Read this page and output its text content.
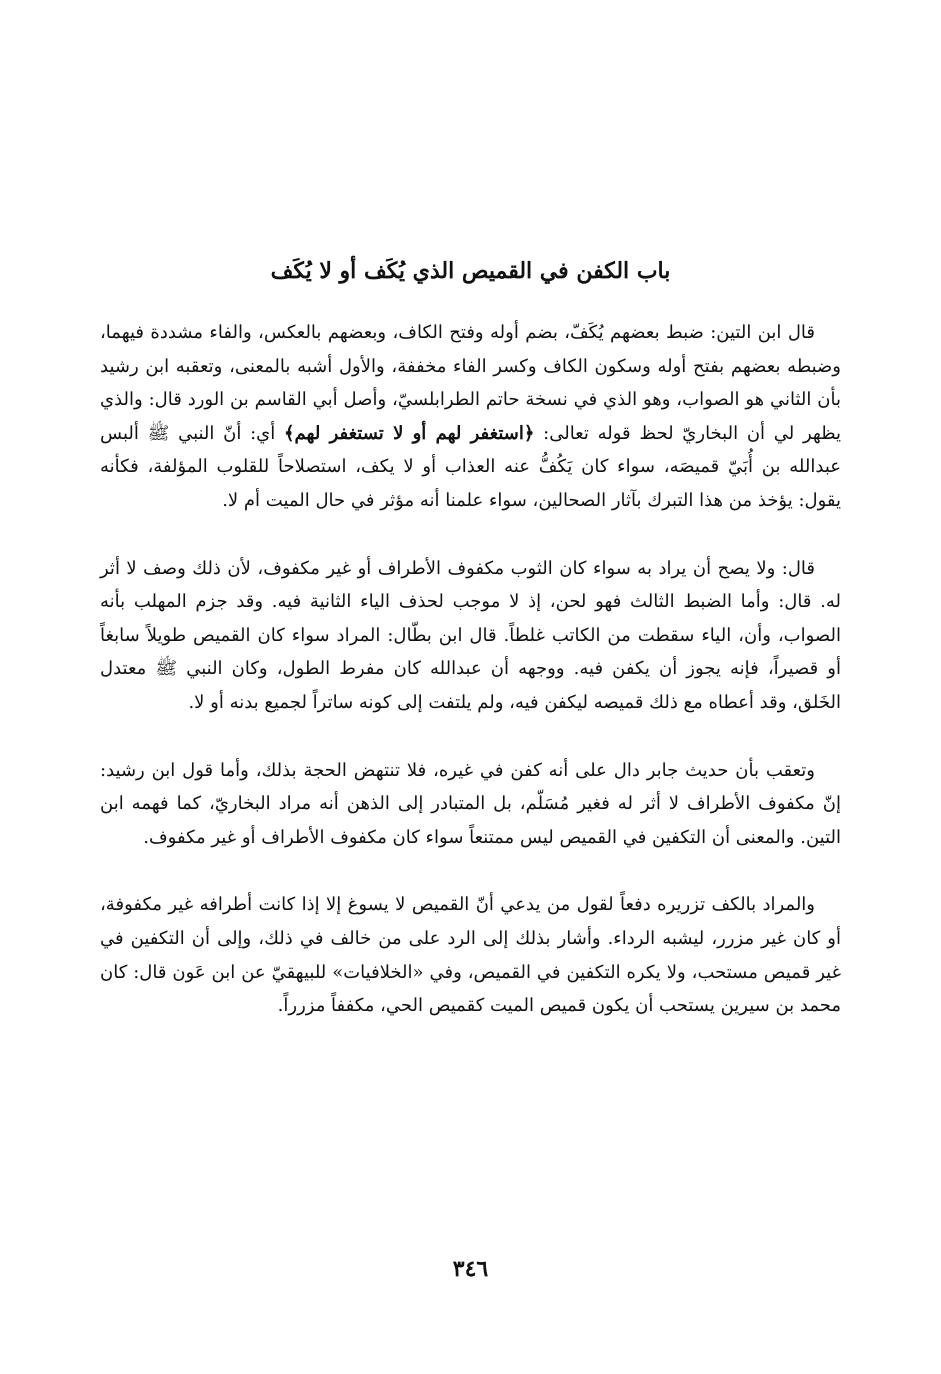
باب الكفن في القميص الذي يُكَف أو لا يُكَف

قال ابن التين: ضبط بعضهم يُكَفّ، بضم أوله وفتح الكاف، وبعضهم بالعكس، والفاء مشددة فيهما، وضبطه بعضهم بفتح أوله وسكون الكاف وكسر الفاء مخففة، والأول أشبه بالمعنى، وتعقبه ابن رشيد بأن الثاني هو الصواب، وهو الذي في نسخة حاتم الطرابلسيّ، وأصل أبي القاسم بن الورد قال: والذي يظهر لي أن البخاريّ لحظ قوله تعالى: ﴿استغفر لهم أو لا تستغفر لهم﴾ أي: أنّ النبي ﷺ ألبس عبدالله بن أُبَيّ قميصَه، سواء كان يَكُفُّ عنه العذاب أو لا يكف، استصلاحاً للقلوب المؤلفة، فكأنه يقول: يؤخذ من هذا التبرك بآثار الصحالين، سواء علمنا أنه مؤثر في حال الميت أم لا.

قال: ولا يصح أن يراد به سواء كان الثوب مكفوف الأطراف أو غير مكفوف، لأن ذلك وصف لا أثر له. قال: وأما الضبط الثالث فهو لحن، إذ لا موجب لحذف الياء الثانية فيه. وقد جزم المهلب بأنه الصواب، وأن، الياء سقطت من الكاتب غلطاً. قال ابن بطّال: المراد سواء كان القميص طويلاً سابغاً أو قصيراً، فإنه يجوز أن يكفن فيه. ووجهه أن عبدالله كان مفرط الطول، وكان النبي ﷺ معتدل الخَلق، وقد أعطاه مع ذلك قميصه ليكفن فيه، ولم يلتفت إلى كونه ساتراً لجميع بدنه أو لا.

وتعقب بأن حديث جابر دال على أنه كفن في غيره، فلا تنتهض الحجة بذلك، وأما قول ابن رشيد: إنّ مكفوف الأطراف لا أثر له فغير مُسَلّم، بل المتبادر إلى الذهن أنه مراد البخاريّ، كما فهمه ابن التين. والمعنى أن التكفين في القميص ليس ممتنعاً سواء كان مكفوف الأطراف أو غير مكفوف.

والمراد بالكف تزريره دفعاً لقول من يدعي أنّ القميص لا يسوغ إلا إذا كانت أطرافه غير مكفوفة، أو كان غير مزرر، ليشبه الرداء. وأشار بذلك إلى الرد على من خالف في ذلك، وإلى أن التكفين في غير قميص مستحب، ولا يكره التكفين في القميص، وفي «الخلافيات» للبيهقيّ عن ابن عَون قال: كان محمد بن سيرين يستحب أن يكون قميص الميت كقميص الحي، مكففاً مزرراً.

٣٤٦
